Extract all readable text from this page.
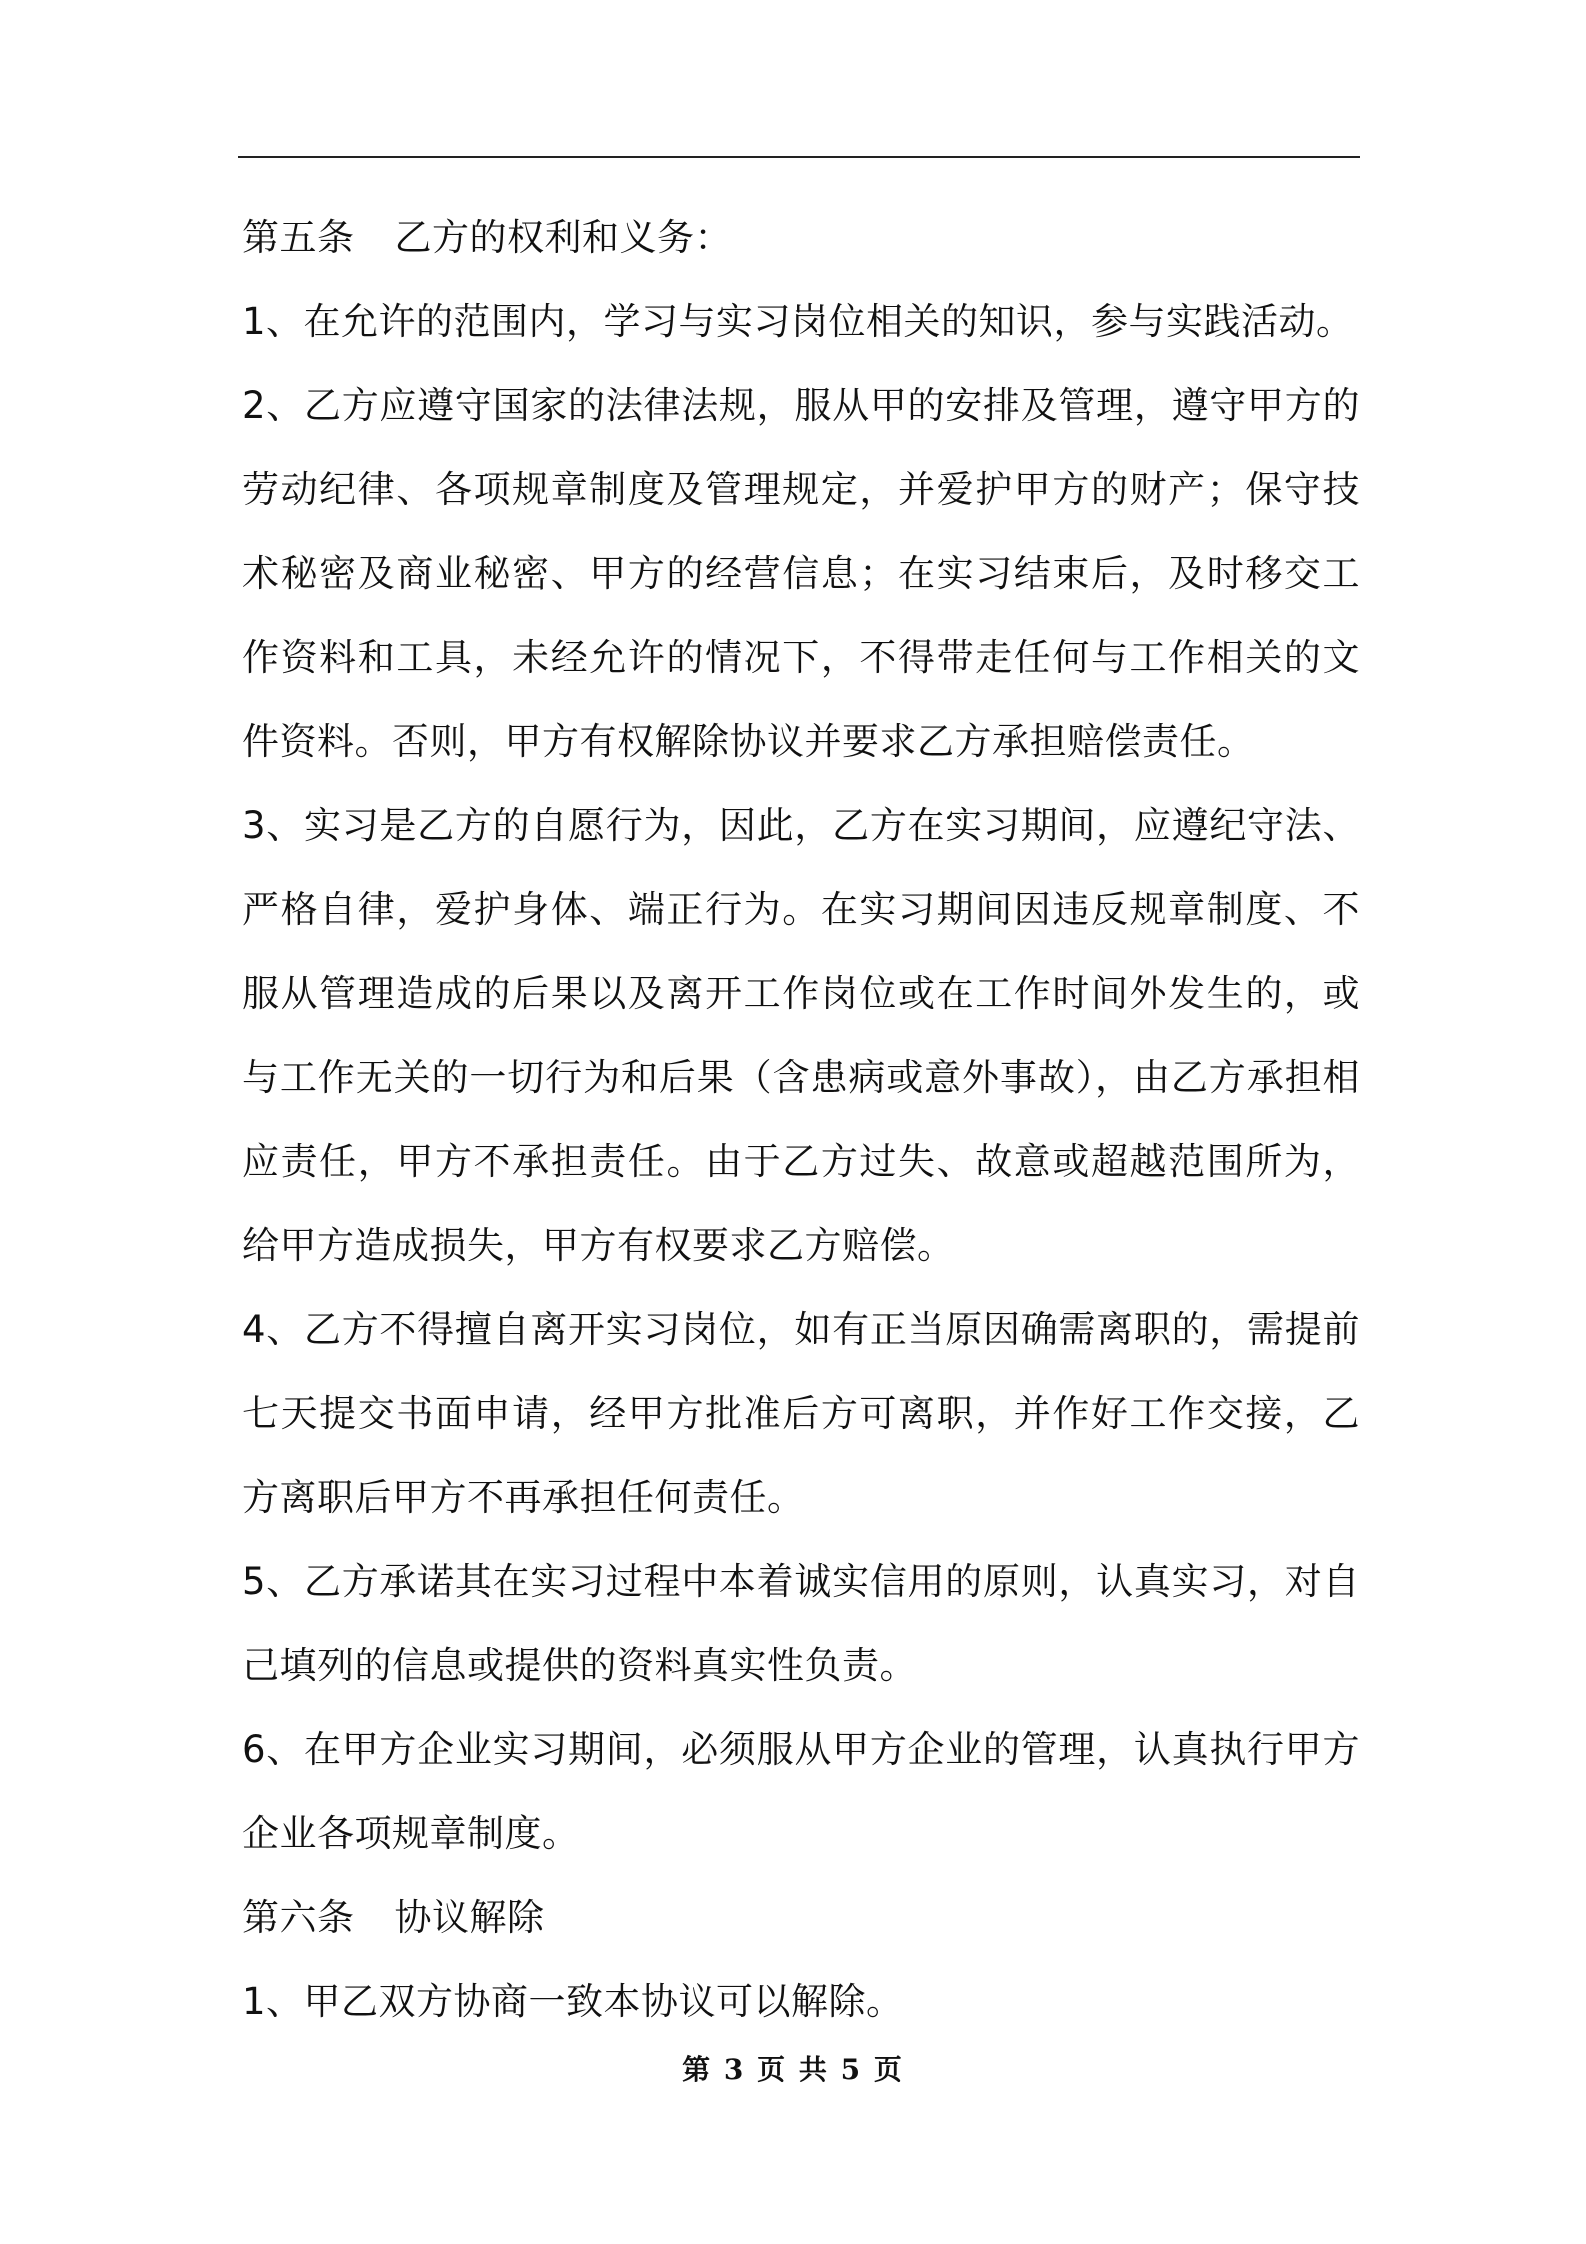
第五条 乙方的权利和义务：

1、在允许的范围内，学习与实习岗位相关的知识，参与实践活动。

2、乙方应遵守国家的法律法规，服从甲的安排及管理，遵守甲方的劳动纪律、各项规章制度及管理规定，并爱护甲方的财产；保守技术秘密及商业秘密、甲方的经营信息；在实习结束后，及时移交工作资料和工具，未经允许的情况下，不得带走任何与工作相关的文件资料。否则，甲方有权解除协议并要求乙方承担赔偿责任。

3、实习是乙方的自愿行为，因此，乙方在实习期间，应遵纪守法、严格自律，爱护身体、端正行为。在实习期间因违反规章制度、不服从管理造成的后果以及离开工作岗位或在工作时间外发生的，或与工作无关的一切行为和后果（含患病或意外事故），由乙方承担相应责任，甲方不承担责任。由于乙方过失、故意或超越范围所为，给甲方造成损失，甲方有权要求乙方赔偿。

4、乙方不得擅自离开实习岗位，如有正当原因确需离职的，需提前七天提交书面申请，经甲方批准后方可离职，并作好工作交接，乙方离职后甲方不再承担任何责任。

5、乙方承诺其在实习过程中本着诚实信用的原则，认真实习，对自己填列的信息或提供的资料真实性负责。

6、在甲方企业实习期间，必须服从甲方企业的管理，认真执行甲方企业各项规章制度。

第六条 协议解除

1、甲乙双方协商一致本协议可以解除。

第 3 页 共 5 页
